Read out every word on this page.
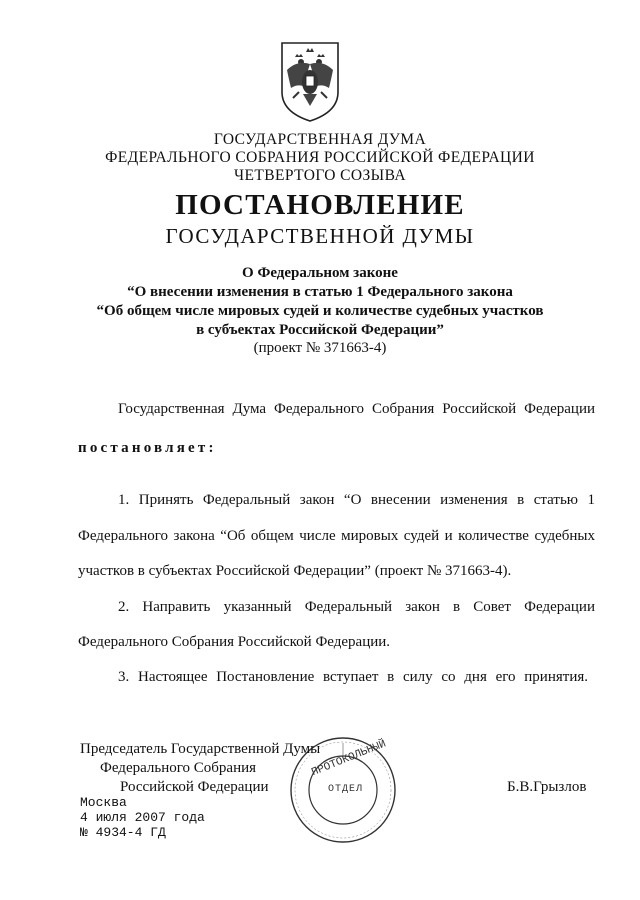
ГОСУДАРСТВЕННАЯ ДУМА
ФЕДЕРАЛЬНОГО СОБРАНИЯ РОССИЙСКОЙ ФЕДЕРАЦИИ
ЧЕТВЕРТОГО СОЗЫВА
ПОСТАНОВЛЕНИЕ
ГОСУДАРСТВЕННОЙ ДУМЫ
О Федеральном законе
“О внесении изменения в статью 1 Федерального закона
“Об общем числе мировых судей и количестве судебных участков
в субъектах Российской Федерации”
(проект № 371663-4)
Государственная Дума Федерального Собрания Российской Федерации
постановляет:
1. Принять Федеральный закон “О внесении изменения в статью 1
Федерального закона “Об общем числе мировых судей и количестве судебных
участков в субъектах Российской Федерации” (проект № 371663-4).
2. Направить указанный Федеральный закон в Совет Федерации
Федерального Собрания Российской Федерации.
3. Настоящее Постановление вступает в силу со дня его принятия.
ПРОТОКОЛЬНЫЙ
ОТДЕЛ
Председатель Государственной Думы
Федерального Собрания
Российской Федерации	Б.В.Грызлов
Москва
4 июля 2007 года
№ 4934-4 ГД
